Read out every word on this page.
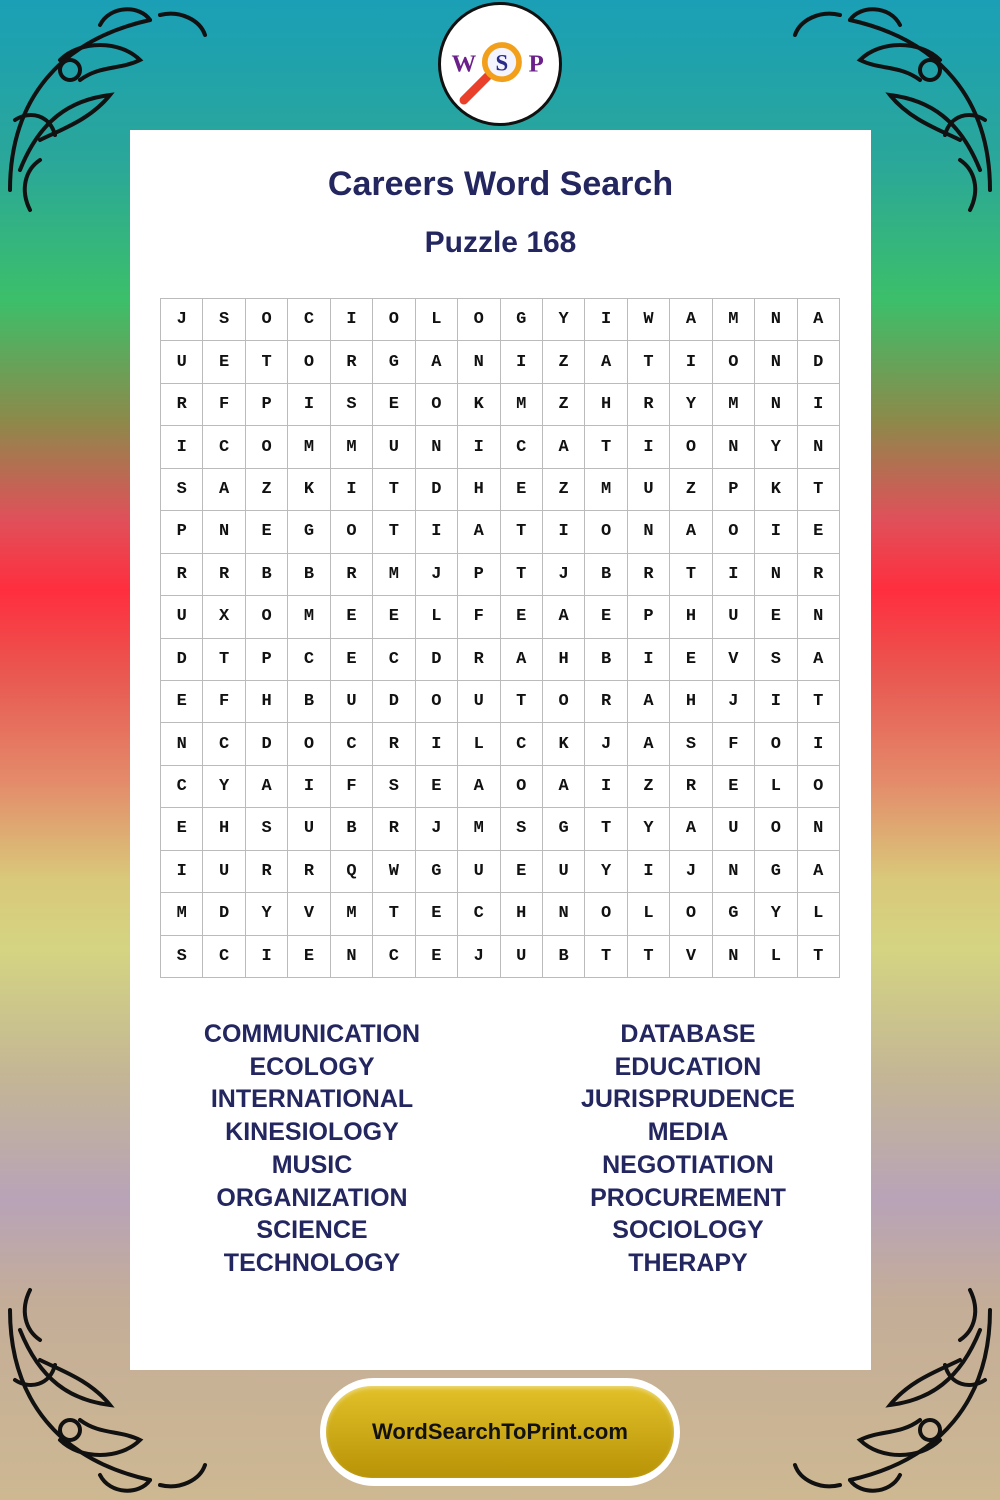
W S P
Careers Word Search
Puzzle 168
J	S	O	C	I	O	L	O	G	Y	I	W	A	M	N	A
U	E	T	O	R	G	A	N	I	Z	A	T	I	O	N	D
R	F	P	I	S	E	O	K	M	Z	H	R	Y	M	N	I
I	C	O	M	M	U	N	I	C	A	T	I	O	N	Y	N
S	A	Z	K	I	T	D	H	E	Z	M	U	Z	P	K	T
P	N	E	G	O	T	I	A	T	I	O	N	A	O	I	E
R	R	B	B	R	M	J	P	T	J	B	R	T	I	N	R
U	X	O	M	E	E	L	F	E	A	E	P	H	U	E	N
D	T	P	C	E	C	D	R	A	H	B	I	E	V	S	A
E	F	H	B	U	D	O	U	T	O	R	A	H	J	I	T
N	C	D	O	C	R	I	L	C	K	J	A	S	F	O	I
C	Y	A	I	F	S	E	A	O	A	I	Z	R	E	L	O
E	H	S	U	B	R	J	M	S	G	T	Y	A	U	O	N
I	U	R	R	Q	W	G	U	E	U	Y	I	J	N	G	A
M	D	Y	V	M	T	E	C	H	N	O	L	O	G	Y	L
S	C	I	E	N	C	E	J	U	B	T	T	V	N	L	T
COMMUNICATION
ECOLOGY
INTERNATIONAL
KINESIOLOGY
MUSIC
ORGANIZATION
SCIENCE
TECHNOLOGY
DATABASE
EDUCATION
JURISPRUDENCE
MEDIA
NEGOTIATION
PROCUREMENT
SOCIOLOGY
THERAPY
WordSearchToPrint.com
